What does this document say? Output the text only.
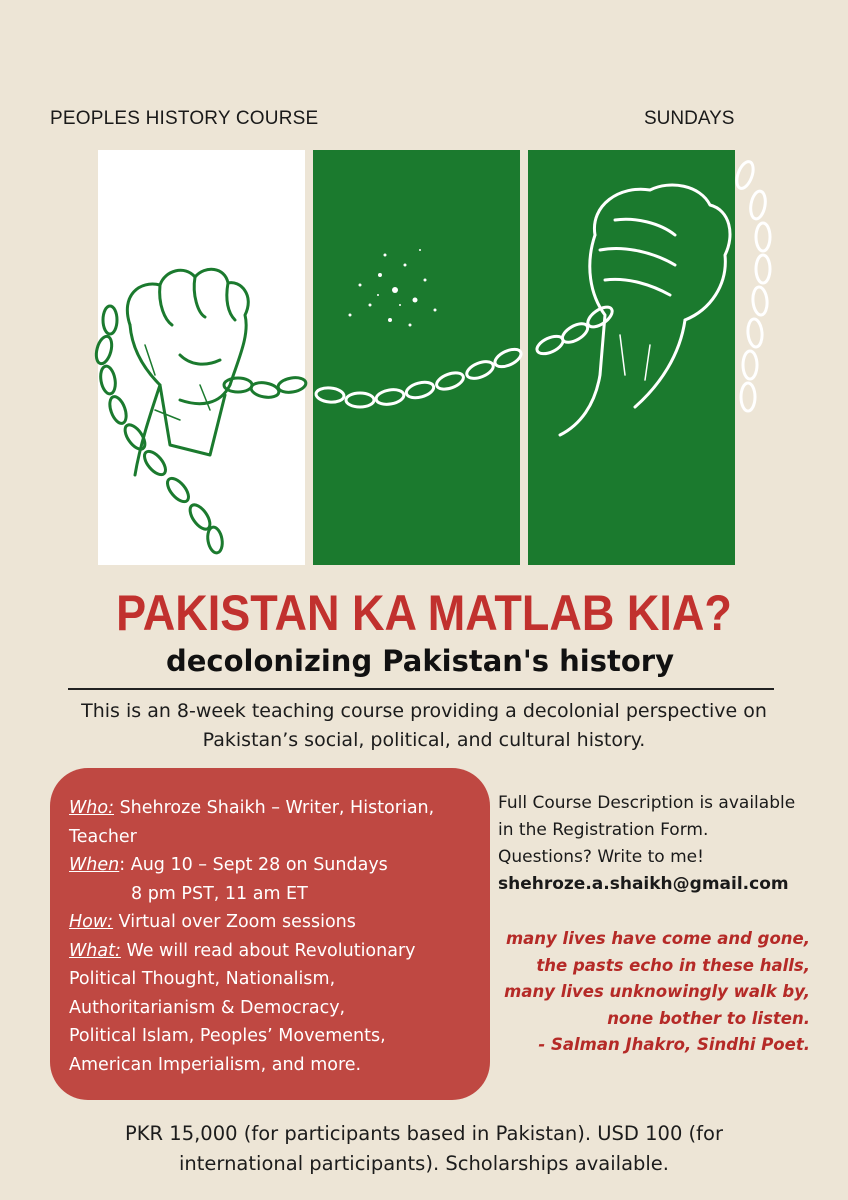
PEOPLES HISTORY COURSE	SUNDAYS
PAKISTAN KA MATLAB KIA?
decolonizing Pakistan's history
This is an 8-week teaching course providing a decolonial perspective on
Pakistan’s social, political, and cultural history.
Who: Shehroze Shaikh – Writer, Historian,
Teacher
When: Aug 10 – Sept 28 on Sundays
8 pm PST, 11 am ET
How: Virtual over Zoom sessions
What: We will read about Revolutionary
Political Thought, Nationalism,
Authoritarianism & Democracy,
Political Islam, Peoples’ Movements,
American Imperialism, and more.
Full Course Description is available
in the Registration Form.
Questions? Write to me!
shehroze.a.shaikh@gmail.com
many lives have come and gone,
the pasts echo in these halls,
many lives unknowingly walk by,
none bother to listen.
- Salman Jhakro, Sindhi Poet.
PKR 15,000 (for participants based in Pakistan). USD 100 (for
international participants). Scholarships available.
